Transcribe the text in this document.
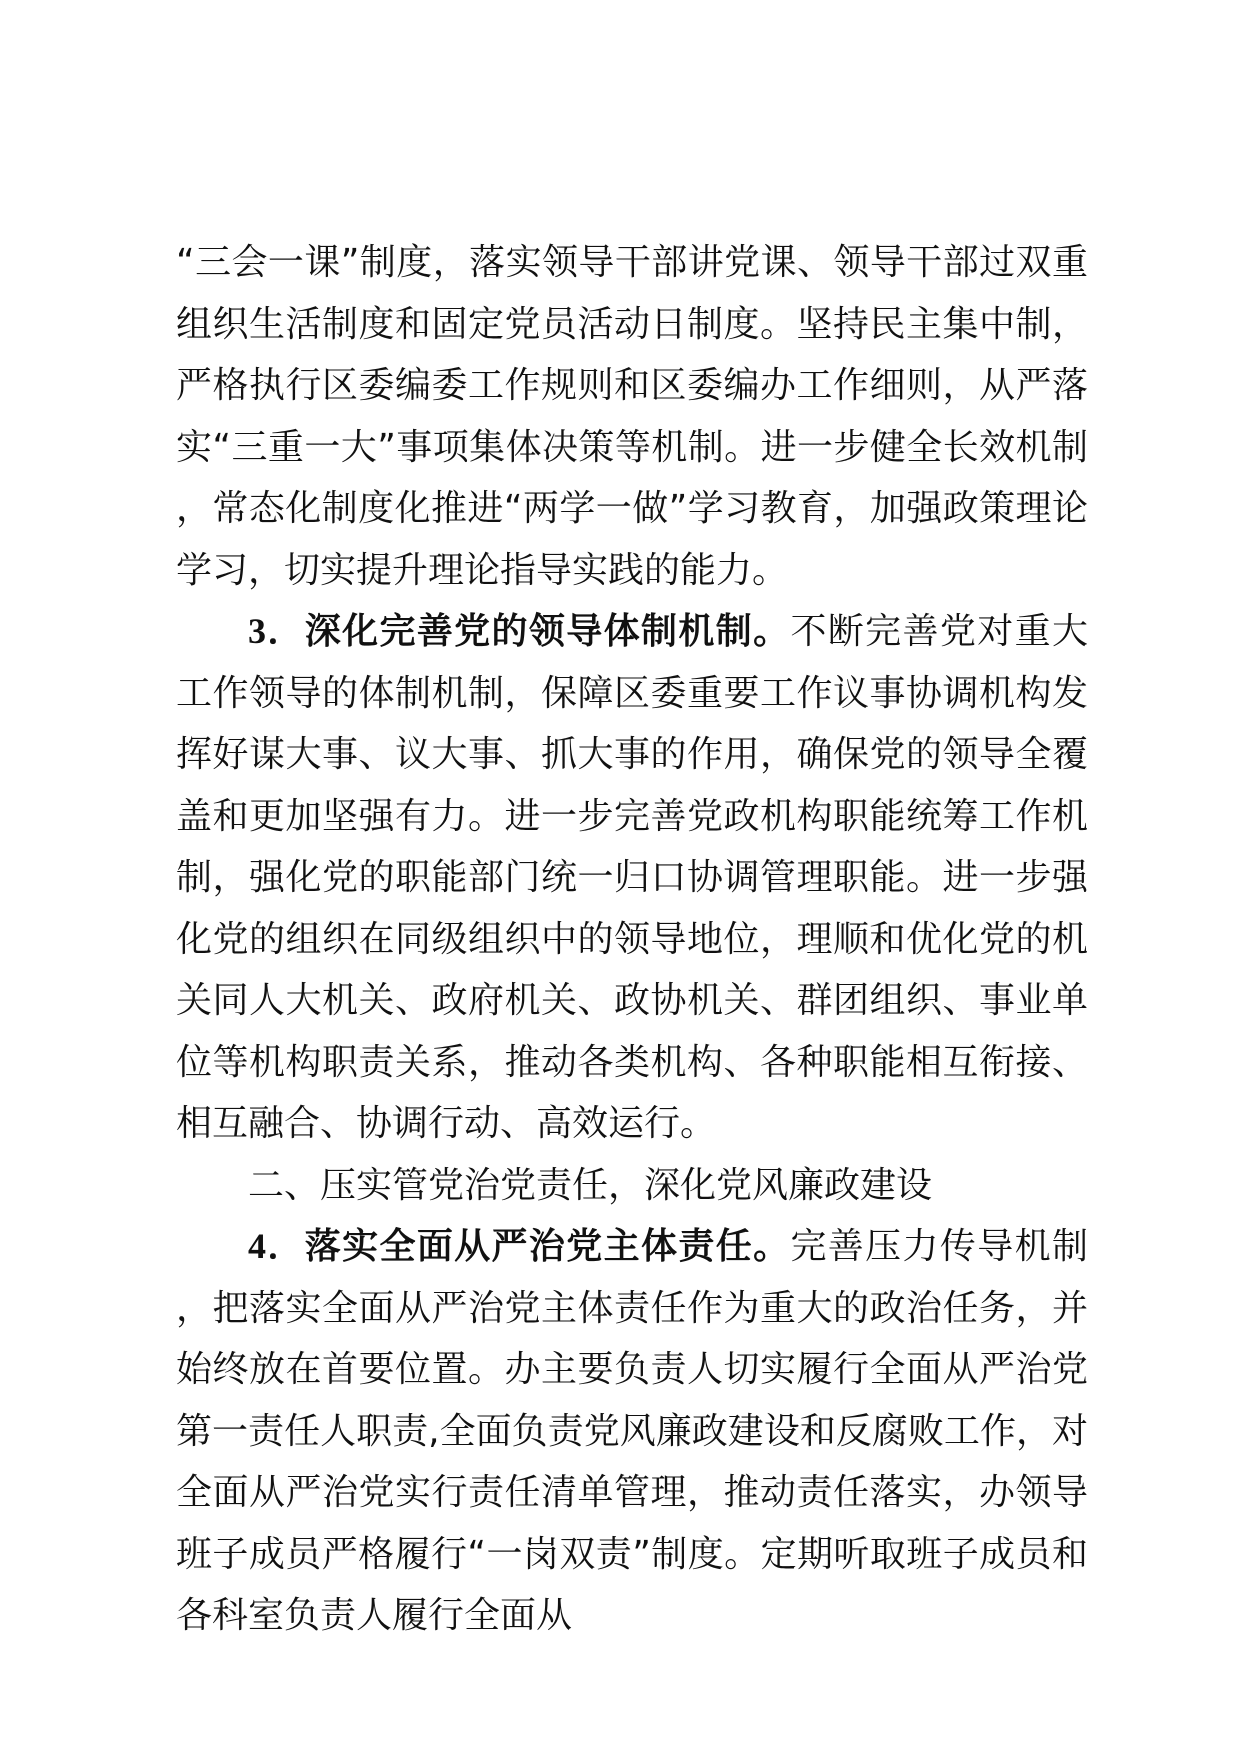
“三会一课”制度，落实领导干部讲党课、领导干部过双重组织生活制度和固定党员活动日制度。坚持民主集中制，严格执行区委编委工作规则和区委编办工作细则，从严落实“三重一大”事项集体决策等机制。进一步健全长效机制，常态化制度化推进“两学一做”学习教育，加强政策理论学习，切实提升理论指导实践的能力。

3．深化完善党的领导体制机制。不断完善党对重大工作领导的体制机制，保障区委重要工作议事协调机构发挥好谋大事、议大事、抓大事的作用，确保党的领导全覆盖和更加坚强有力。进一步完善党政机构职能统筹工作机制，强化党的职能部门统一归口协调管理职能。进一步强化党的组织在同级组织中的领导地位，理顺和优化党的机关同人大机关、政府机关、政协机关、群团组织、事业单位等机构职责关系，推动各类机构、各种职能相互衔接、相互融合、协调行动、高效运行。

二、压实管党治党责任，深化党风廉政建设

4．落实全面从严治党主体责任。完善压力传导机制，把落实全面从严治党主体责任作为重大的政治任务，并始终放在首要位置。办主要负责人切实履行全面从严治党第一责任人职责,全面负责党风廉政建设和反腐败工作，对全面从严治党实行责任清单管理，推动责任落实，办领导班子成员严格履行“一岗双责”制度。定期听取班子成员和各科室负责人履行全面从
